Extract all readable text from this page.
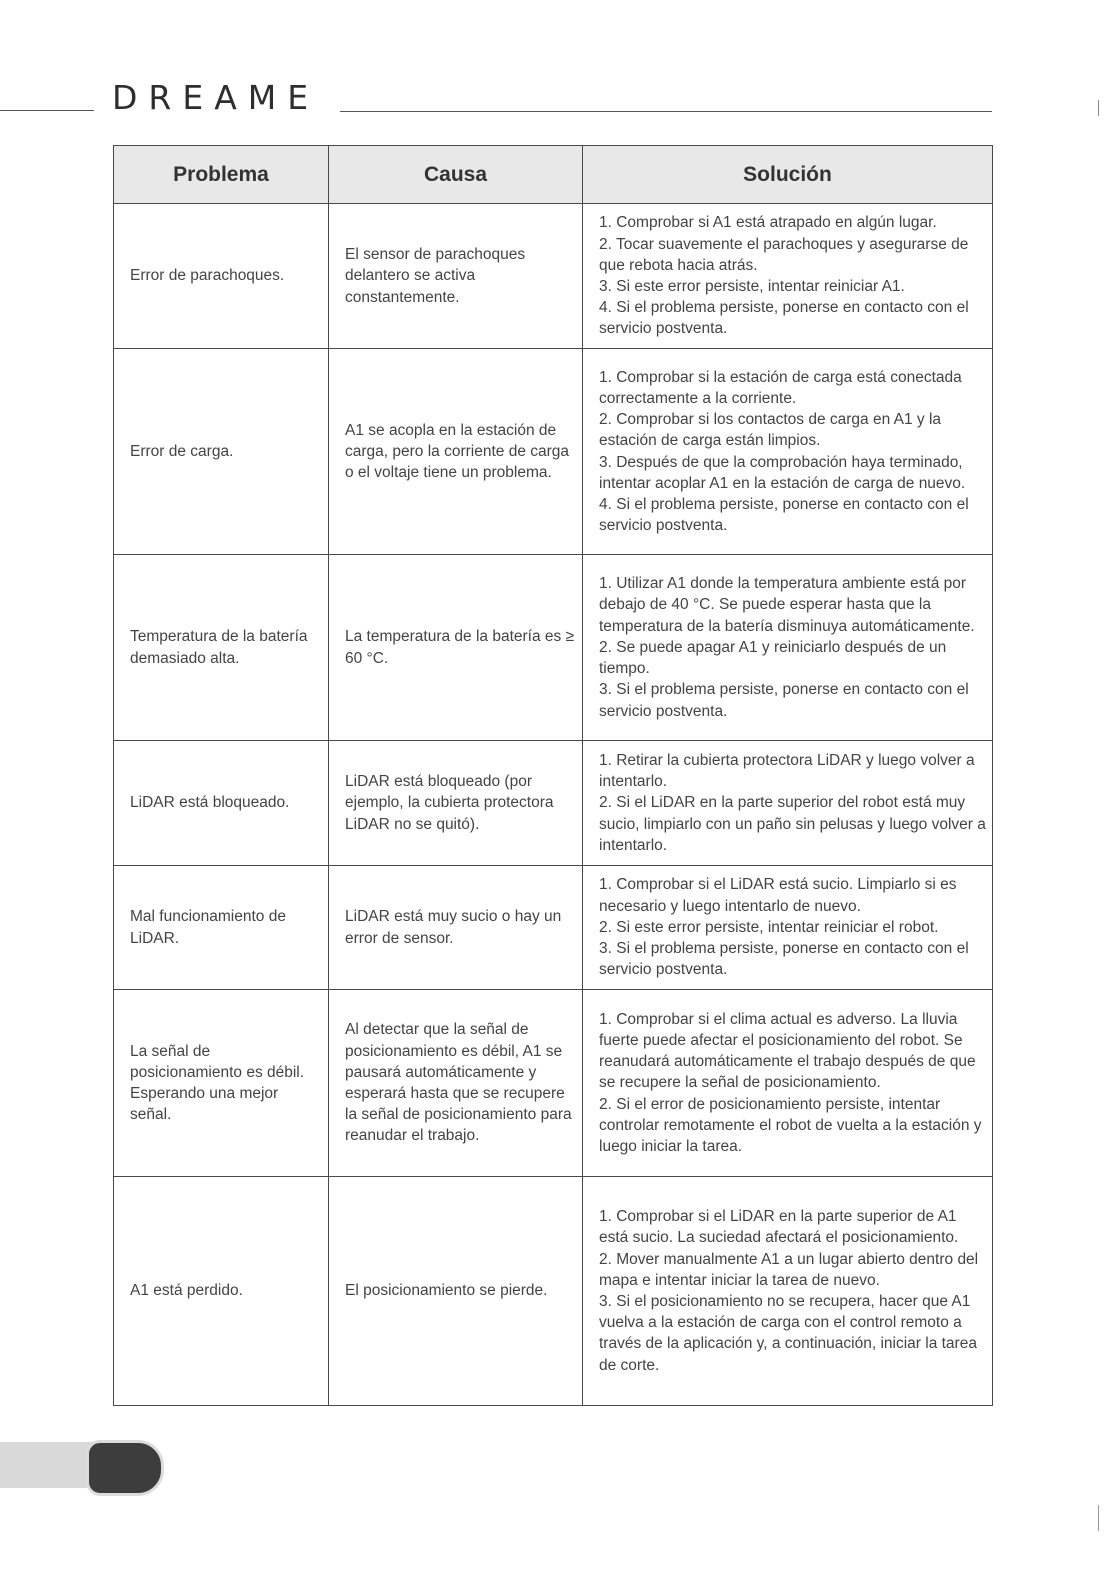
DREAME
Problema	Causa	Solución
Error de parachoques.	El sensor de parachoques delantero se activa constantemente.	1. Comprobar si A1 está atrapado en algún lugar.
2. Tocar suavemente el parachoques y asegurarse de que rebota hacia atrás.
3. Si este error persiste, intentar reiniciar A1.
4. Si el problema persiste, ponerse en contacto con el servicio postventa.

Error de carga.	A1 se acopla en la estación de carga, pero la corriente de carga o el voltaje tiene un problema.	1. Comprobar si la estación de carga está conectada correctamente a la corriente.
2. Comprobar si los contactos de carga en A1 y la estación de carga están limpios.
3. Después de que la comprobación haya terminado, intentar acoplar A1 en la estación de carga de nuevo.
4. Si el problema persiste, ponerse en contacto con el servicio postventa.

Temperatura de la batería demasiado alta.	La temperatura de la batería es ≥ 60 °C.	1. Utilizar A1 donde la temperatura ambiente está por debajo de 40 °C. Se puede esperar hasta que la temperatura de la batería disminuya automáticamente.
2. Se puede apagar A1 y reiniciarlo después de un tiempo.
3. Si el problema persiste, ponerse en contacto con el servicio postventa.

LiDAR está bloqueado.	LiDAR está bloqueado (por ejemplo, la cubierta protectora LiDAR no se quitó).	1. Retirar la cubierta protectora LiDAR y luego volver a intentarlo.
2. Si el LiDAR en la parte superior del robot está muy sucio, limpiarlo con un paño sin pelusas y luego volver a intentarlo.

Mal funcionamiento de LiDAR.	LiDAR está muy sucio o hay un error de sensor.	1. Comprobar si el LiDAR está sucio. Limpiarlo si es necesario y luego intentarlo de nuevo.
2. Si este error persiste, intentar reiniciar el robot.
3. Si el problema persiste, ponerse en contacto con el servicio postventa.

La señal de posicionamiento es débil. Esperando una mejor señal.	Al detectar que la señal de posicionamiento es débil, A1 se pausará automáticamente y esperará hasta que se recupere la señal de posicionamiento para reanudar el trabajo.	1. Comprobar si el clima actual es adverso. La lluvia fuerte puede afectar el posicionamiento del robot. Se reanudará automáticamente el trabajo después de que se recupere la señal de posicionamiento.
2. Si el error de posicionamiento persiste, intentar controlar remotamente el robot de vuelta a la estación y luego iniciar la tarea.

A1 está perdido.	El posicionamiento se pierde.	1. Comprobar si el LiDAR en la parte superior de A1 está sucio. La suciedad afectará el posicionamiento.
2. Mover manualmente A1 a un lugar abierto dentro del mapa e intentar iniciar la tarea de nuevo.
3. Si el posicionamiento no se recupera, hacer que A1 vuelva a la estación de carga con el control remoto a través de la aplicación y, a continuación, iniciar la tarea de corte.
